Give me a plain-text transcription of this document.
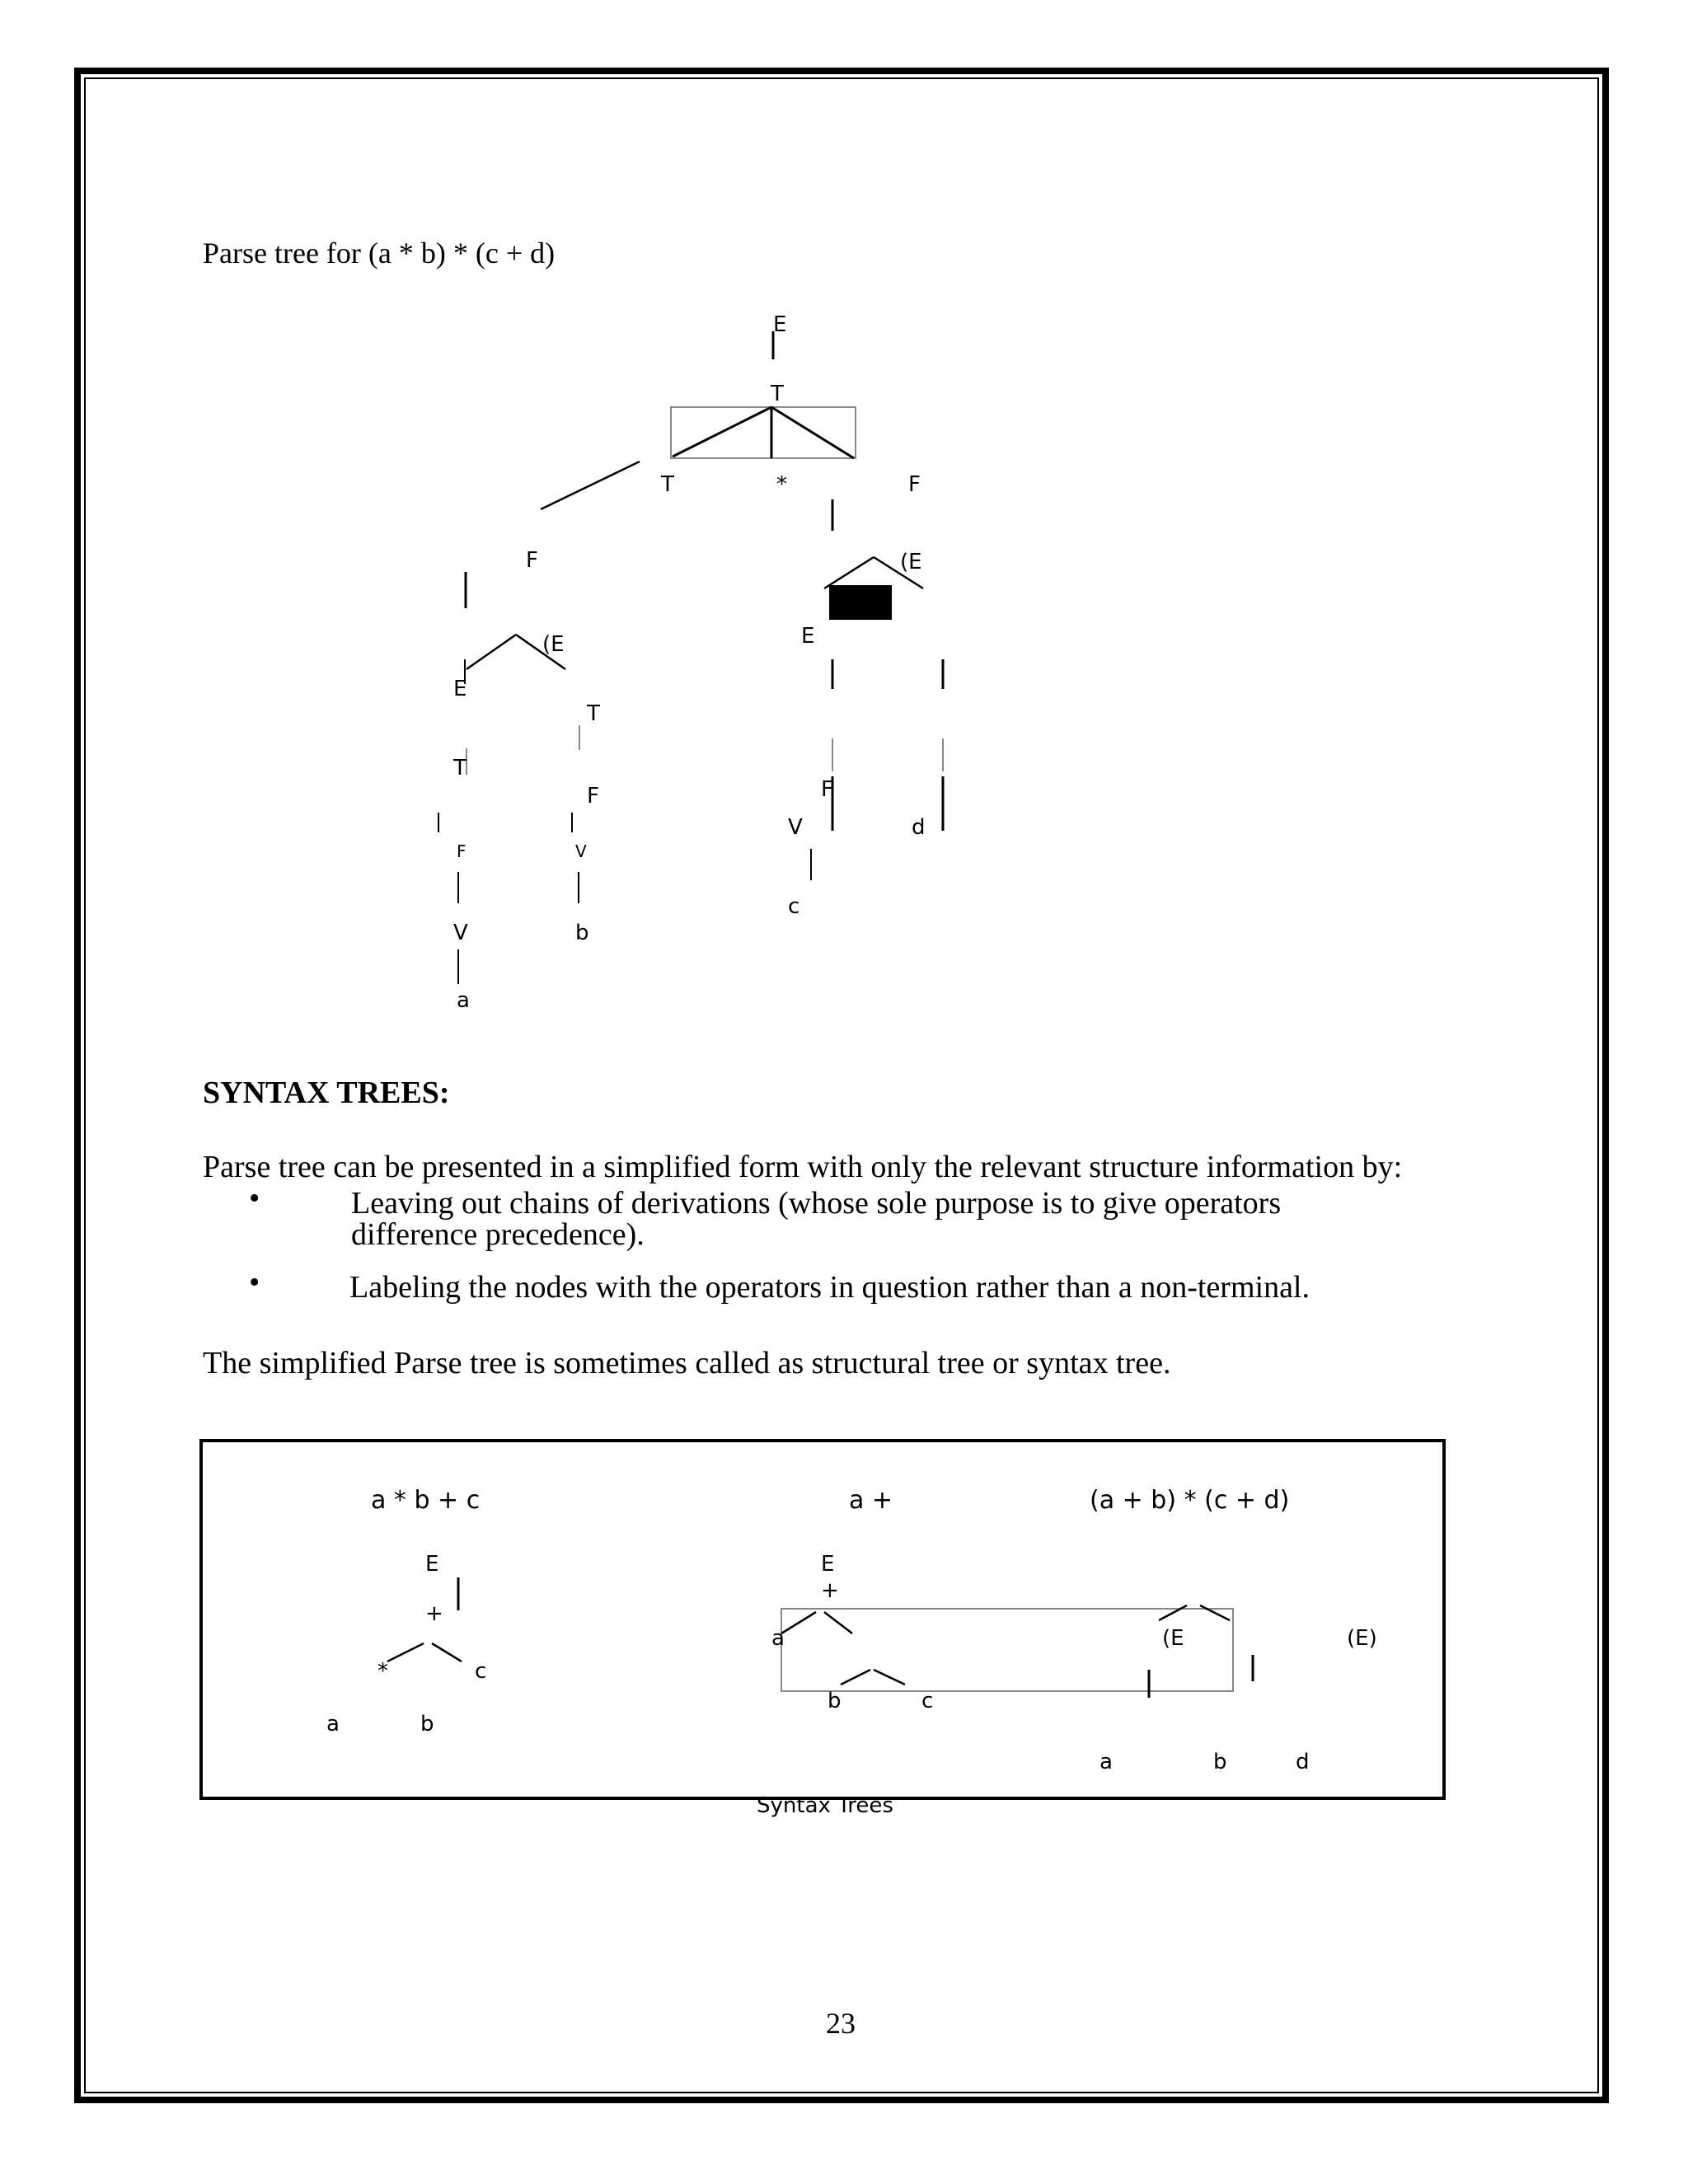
Parse tree for (a * b) * (c + d)
E
T
T	*	F
F
(E
E
T
T
F
F	V
V	b
a
(E
E
F
V	d
c
a * b + c	a +	(a + b) * (c + d)
E
+
*	c
a	b
E
+
a
b	c
(E	(E)
a	b	d
SYNTAX TREES:
Parse tree can be presented in a simplified form with only the relevant structure information by:
•	Leaving out chains of derivations (whose sole purpose is to give operators
difference precedence).
•	Labeling the nodes with the operators in question rather than a non-terminal.
The simplified Parse tree is sometimes called as structural tree or syntax tree.
Syntax Trees
23
